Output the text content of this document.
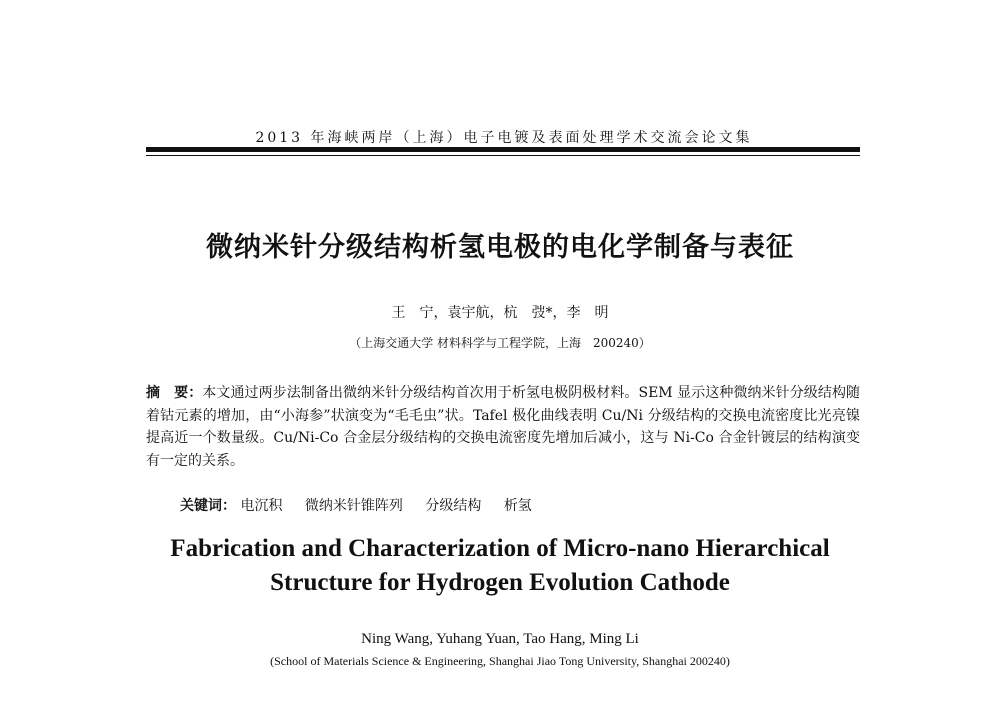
2013 年海峡两岸（上海）电子电镀及表面处理学术交流会论文集
微纳米针分级结构析氢电极的电化学制备与表征
王　宁，袁宇航，杭　弢*，李　明
（上海交通大学 材料科学与工程学院，上海　200240）
摘　要：本文通过两步法制备出微纳米针分级结构首次用于析氢电极阴极材料。SEM 显示这种微纳米针分级结构随着钴元素的增加，由“小海参”状演变为“毛毛虫”状。Tafel 极化曲线表明 Cu/Ni 分级结构的交换电流密度比光亮镍提高近一个数量级。Cu/Ni-Co 合金层分级结构的交换电流密度先增加后减小，这与 Ni-Co 合金针镀层的结构演变有一定的关系。
关键词： 电沉积 微纳米针锥阵列 分级结构 析氢
Fabrication and Characterization of Micro-nano Hierarchical
Structure for Hydrogen Evolution Cathode
Ning Wang, Yuhang Yuan, Tao Hang, Ming Li
(School of Materials Science & Engineering, Shanghai Jiao Tong University, Shanghai 200240)
